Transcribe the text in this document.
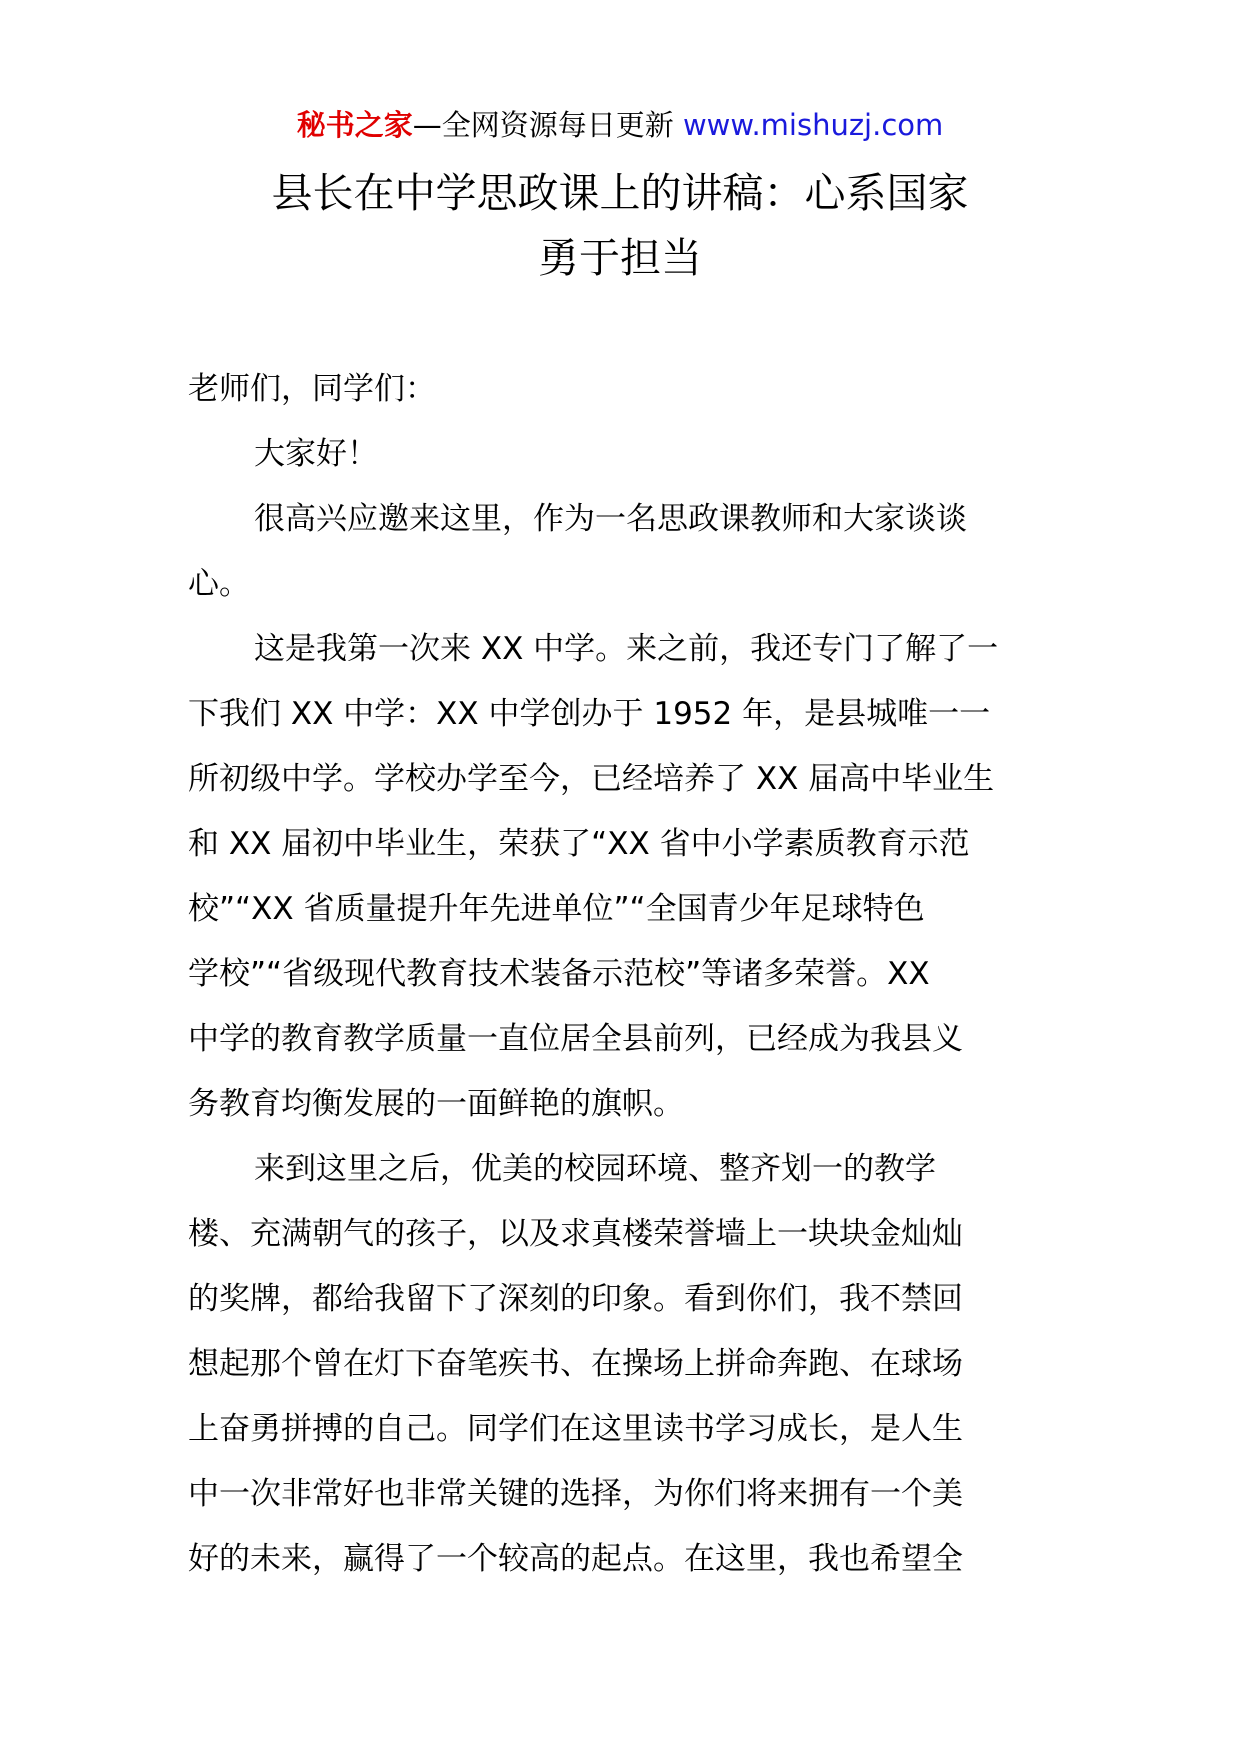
秘书之家—全网资源每日更新 www.mishuzj.com
县长在中学思政课上的讲稿：心系国家
勇于担当
老师们，同学们：
大家好！
很高兴应邀来这里，作为一名思政课教师和大家谈谈
心。
这是我第一次来 XX 中学。来之前，我还专门了解了一
下我们 XX 中学：XX 中学创办于 1952 年，是县城唯一一
所初级中学。学校办学至今，已经培养了 XX 届高中毕业生
和 XX 届初中毕业生，荣获了“XX 省中小学素质教育示范
校”“XX 省质量提升年先进单位”“全国青少年足球特色
学校”“省级现代教育技术装备示范校”等诸多荣誉。XX
中学的教育教学质量一直位居全县前列，已经成为我县义
务教育均衡发展的一面鲜艳的旗帜。
来到这里之后，优美的校园环境、整齐划一的教学
楼、充满朝气的孩子，以及求真楼荣誉墙上一块块金灿灿
的奖牌，都给我留下了深刻的印象。看到你们，我不禁回
想起那个曾在灯下奋笔疾书、在操场上拼命奔跑、在球场
上奋勇拼搏的自己。同学们在这里读书学习成长，是人生
中一次非常好也非常关键的选择，为你们将来拥有一个美
好的未来，赢得了一个较高的起点。在这里，我也希望全
